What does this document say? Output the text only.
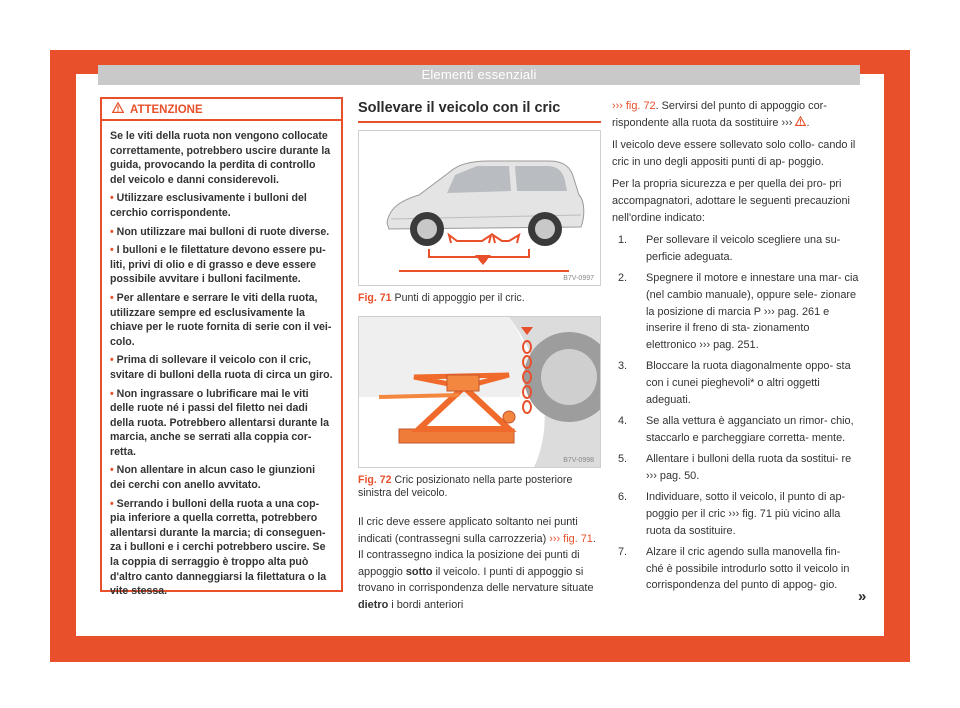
Elementi essenziali
ATTENZIONE

Se le viti della ruota non vengono collocate correttamente, potrebbero uscire durante la guida, provocando la perdita di controllo del veicolo e danni considerevoli.

• Utilizzare esclusivamente i bulloni del cerchio corrispondente.

• Non utilizzare mai bulloni di ruote diverse.

• I bulloni e le filettature devono essere pu- liti, privi di olio e di grasso e deve essere possibile avvitare i bulloni facilmente.

• Per allentare e serrare le viti della ruota, utilizzare sempre ed esclusivamente la chiave per le ruote fornita di serie con il vei- colo.

• Prima di sollevare il veicolo con il cric, svitare di bulloni della ruota di circa un giro.

• Non ingrassare o lubrificare mai le viti delle ruote né i passi del filetto nei dadi della ruota. Potrebbero allentarsi durante la marcia, anche se serrati alla coppia cor- retta.

• Non allentare in alcun caso le giunzioni dei cerchi con anello avvitato.

• Serrando i bulloni della ruota a una cop- pia inferiore a quella corretta, potrebbero allentarsi durante la marcia; di conseguen- za i bulloni e i cerchi potrebbero uscire. Se la coppia di serraggio è troppo alta può d'altro canto danneggiarsi la filettatura o la vite stessa.

Sollevare il veicolo con il cric
B7V-0997
Fig. 71 Punti di appoggio per il cric.
B7V-0998
Fig. 72 Cric posizionato nella parte posteriore sinistra del veicolo.
Il cric deve essere applicato soltanto nei punti indicati (contrassegni sulla carrozzeria) ››› fig. 71. Il contrassegno indica la posizione dei punti di appoggio sotto il veicolo. I punti di appoggio si trovano in corrispondenza delle nervature situate dietro i bordi anteriori

››› fig. 72. Servirsi del punto di appoggio cor- rispondente alla ruota da sostituire ››› .

Il veicolo deve essere sollevato solo collo- cando il cric in uno degli appositi punti di ap- poggio.

Per la propria sicurezza e per quella dei pro- pri accompagnatori, adottare le seguenti precauzioni nell'ordine indicato:

1. Per sollevare il veicolo scegliere una su- perficie adeguata.
2. Spegnere il motore e innestare una mar- cia (nel cambio manuale), oppure sele- zionare la posizione di marcia P ››› pag. 261 e inserire il freno di sta- zionamento elettronico ››› pag. 251.
3. Bloccare la ruota diagonalmente oppo- sta con i cunei pieghevoli* o altri oggetti adeguati.
4. Se alla vettura è agganciato un rimor- chio, staccarlo e parcheggiare corretta- mente.
5. Allentare i bulloni della ruota da sostitui- re ››› pag. 50.
6. Individuare, sotto il veicolo, il punto di ap- poggio per il cric ››› fig. 71 più vicino alla ruota da sostituire.
7. Alzare il cric agendo sulla manovella fin- ché è possibile introdurlo sotto il veicolo in corrispondenza del punto di appog- gio.
»
51
